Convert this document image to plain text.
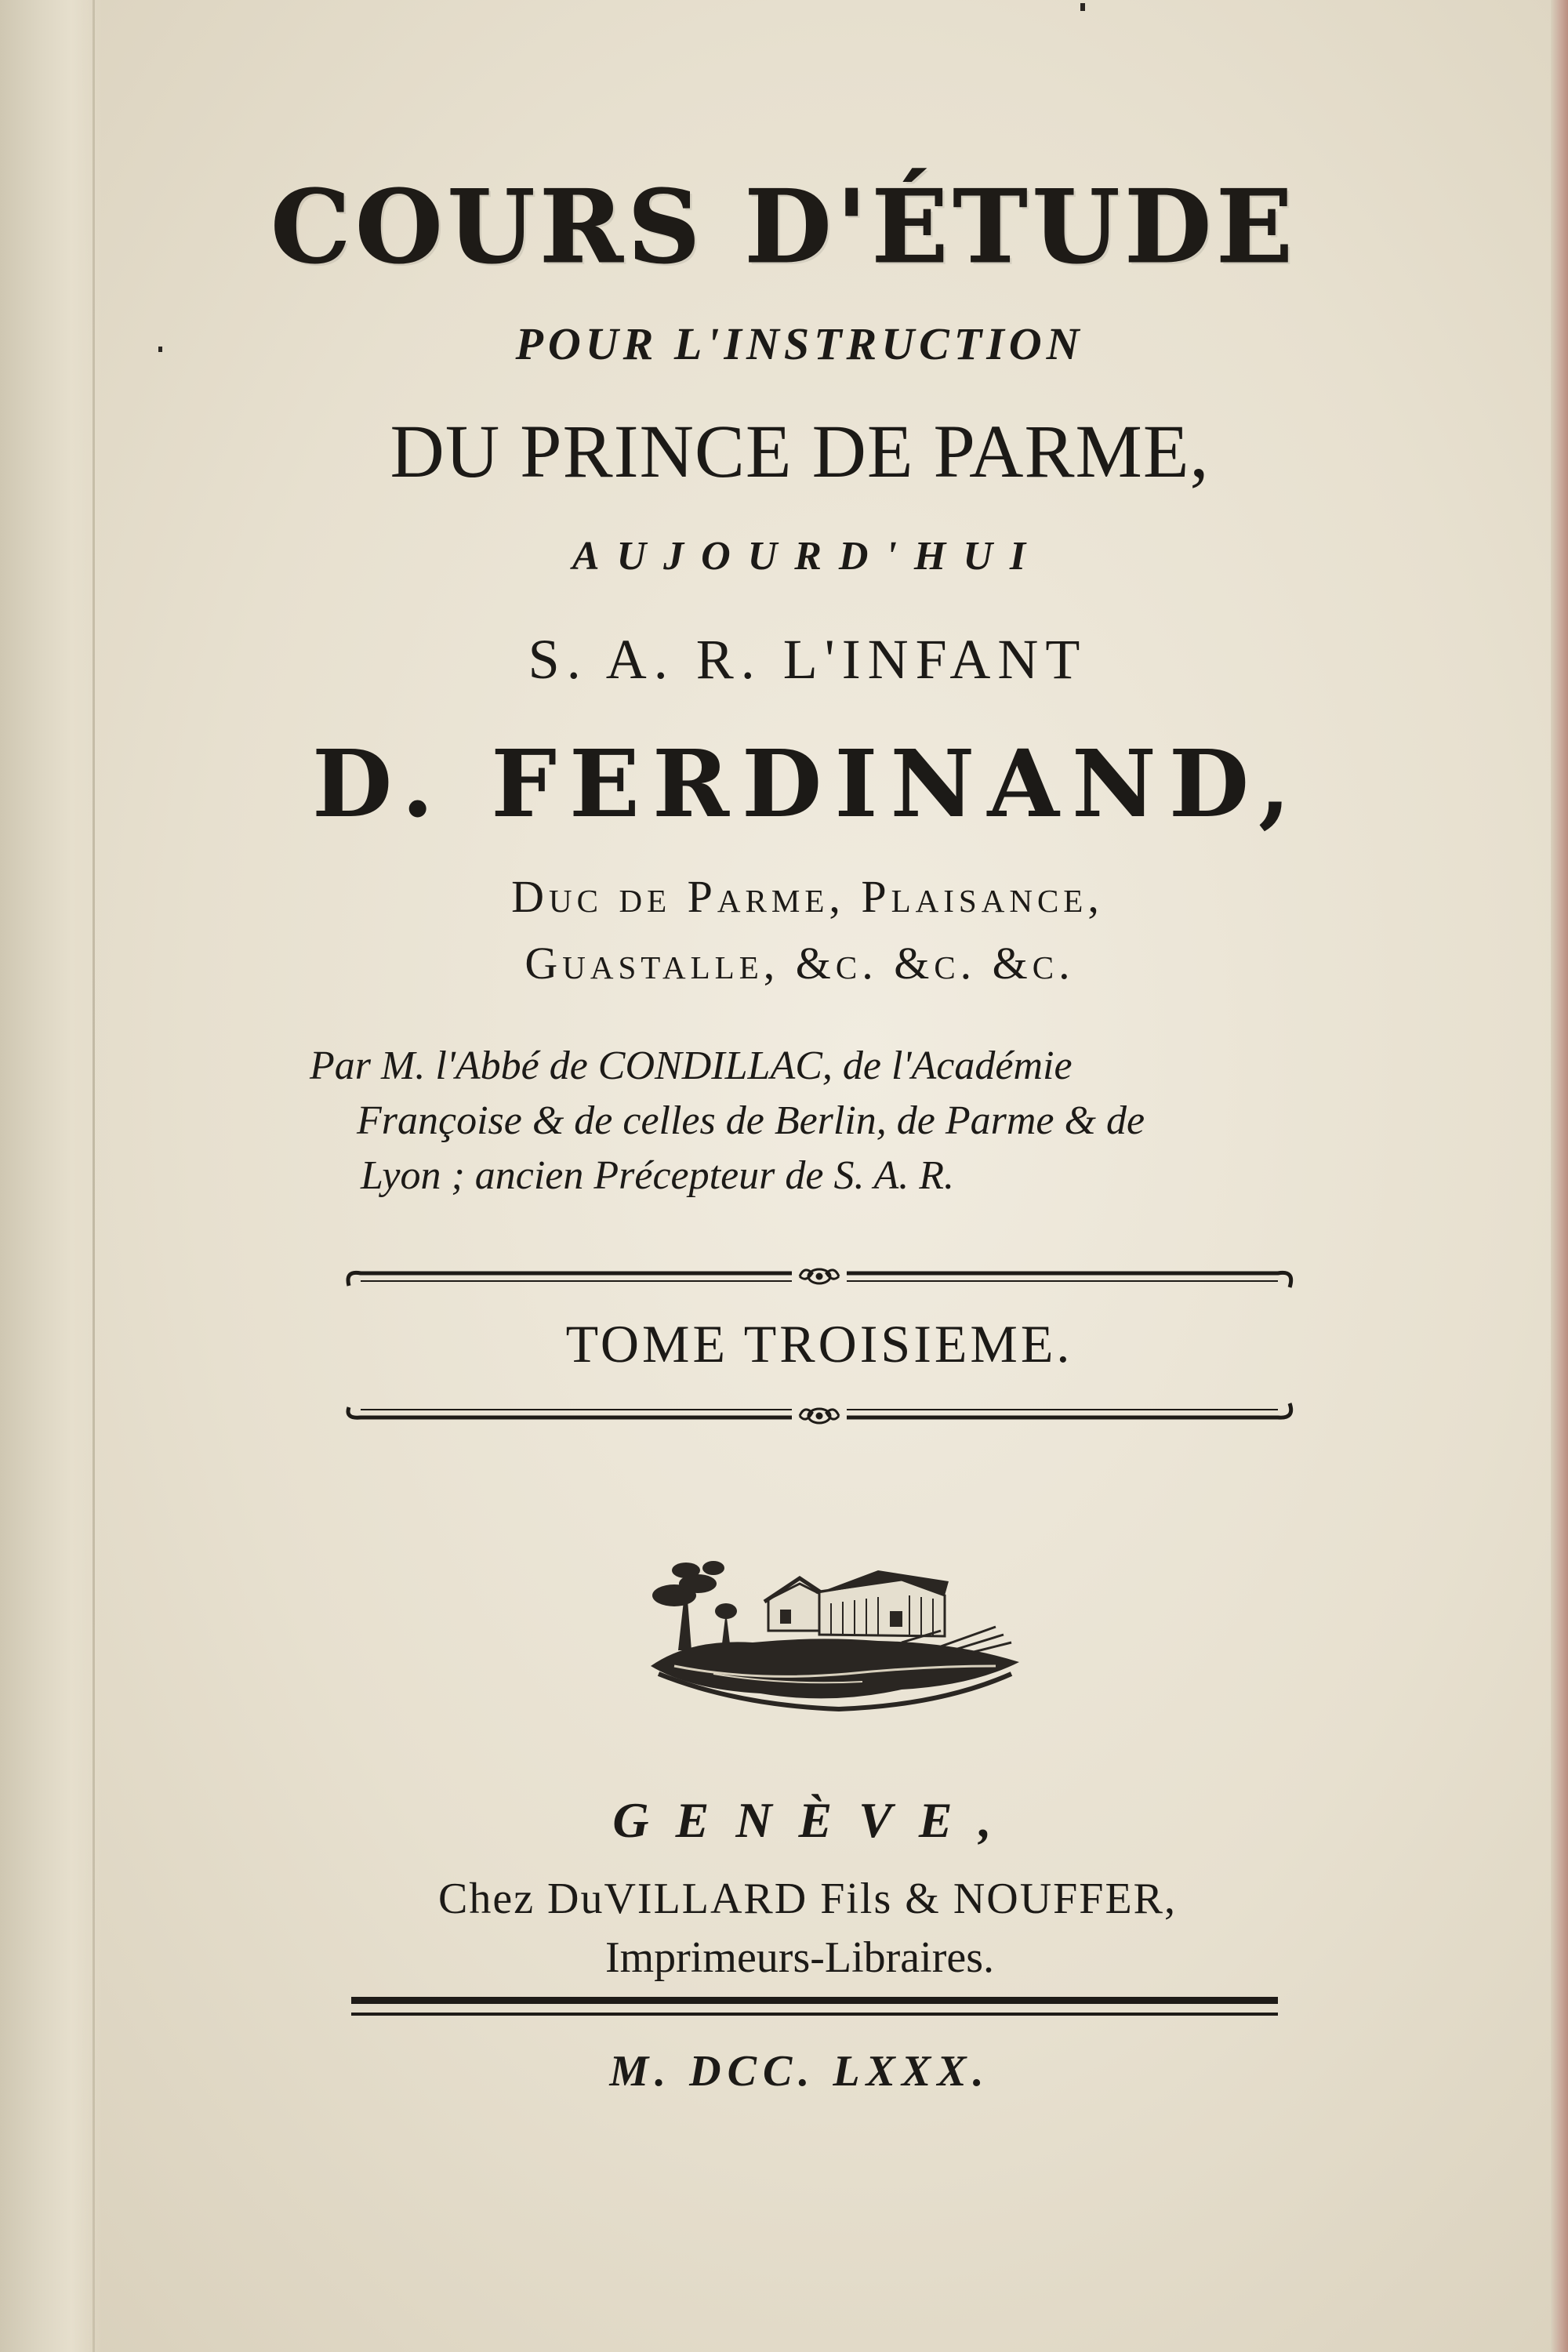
COURS D'ÉTUDE
POUR L'INSTRUCTION
DU PRINCE DE PARME,
AUJOURD'HUI
S. A. R. L'INFANT
D. FERDINAND,
Duc de Parme, Plaisance,
Guastalle, &c. &c. &c.
Par M. l'Abbé de CONDILLAC, de l'Académie
Françoise & de celles de Berlin, de Parme & de
Lyon ; ancien Précepteur de S. A. R.
TOME TROISIEME.
GENÈVE,
Chez DuVILLARD Fils & NOUFFER,
Imprimeurs-Libraires.
M. DCC. LXXX.
